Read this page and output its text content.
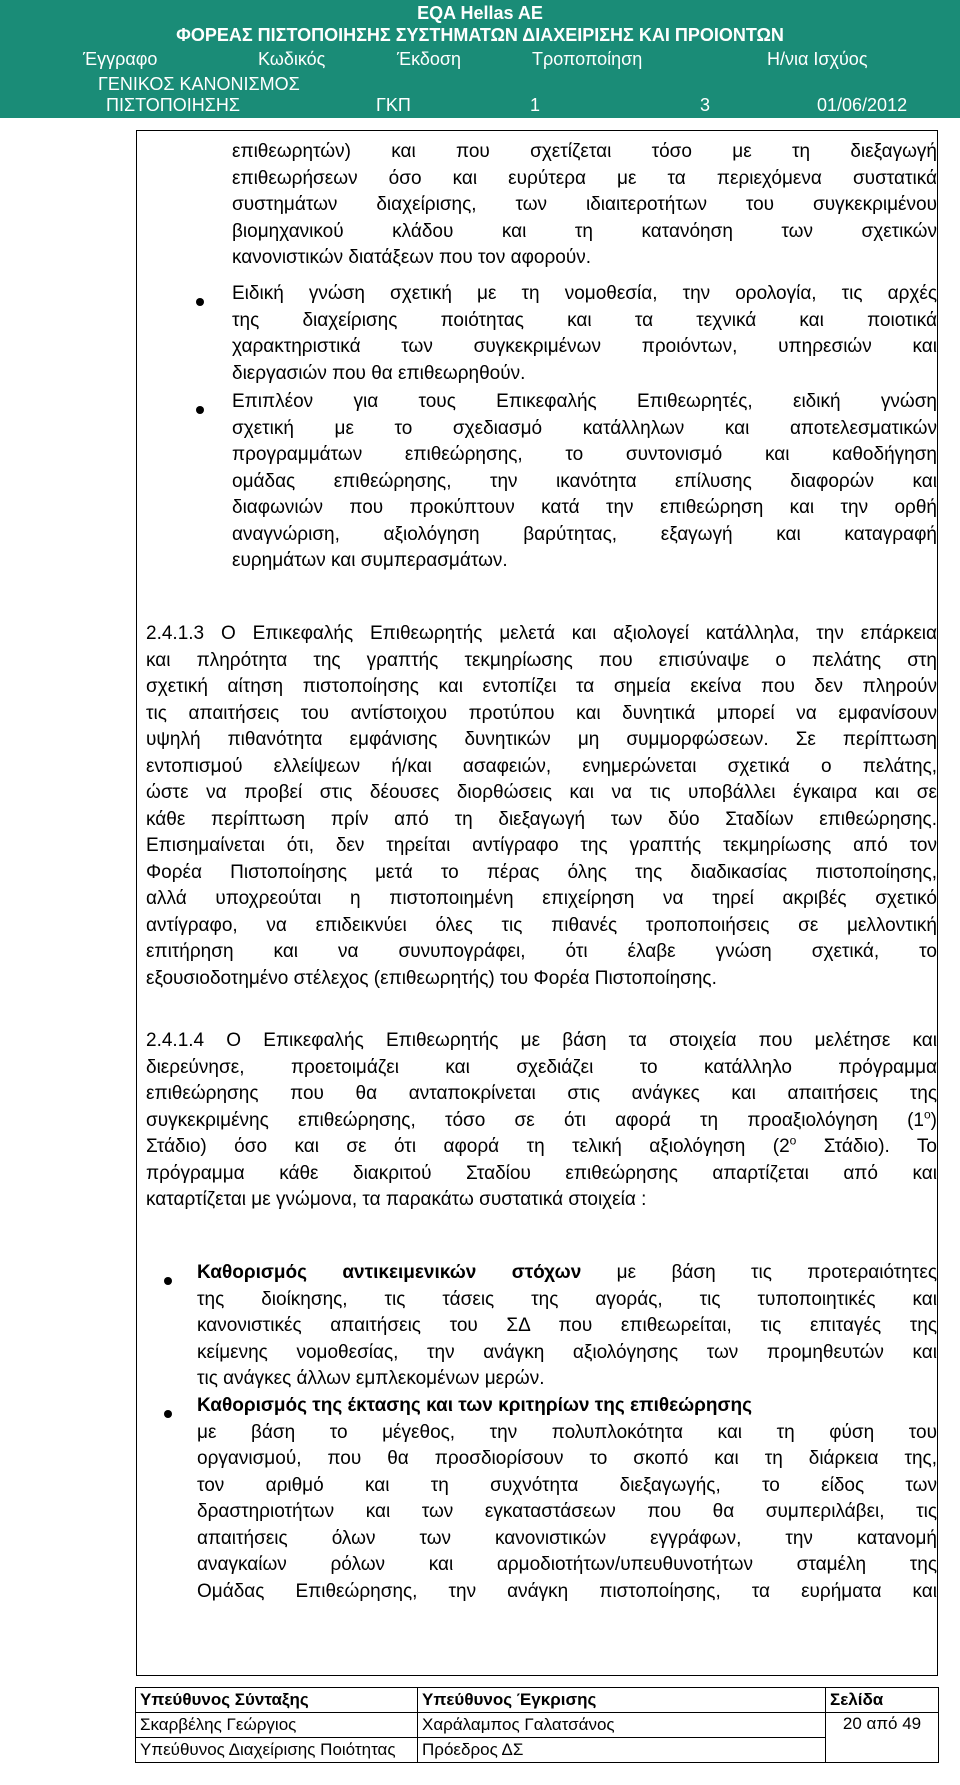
EQA Hellas AE
ΦΟΡΕΑΣ ΠΙΣΤΟΠΟΙΗΣΗΣ ΣΥΣΤΗΜΑΤΩΝ ΔΙΑΧΕΙΡΙΣΗΣ ΚΑΙ ΠΡΟΙΟΝΤΩΝ
Έγγραφο	Κωδικός	Έκδοση	Τροποποίηση	Η/νια Ισχύος
ΓΕΝΙΚΟΣ ΚΑΝΟΝΙΣΜΟΣ
ΠΙΣΤΟΠΟΙΗΣΗΣ	ΓΚΠ	1	3	01/06/2012
επιθεωρητών) και που σχετίζεται τόσο με τη διεξαγωγή
επιθεωρήσεων όσο και ευρύτερα με τα περιεχόμενα συστατικά
συστημάτων διαχείρισης, των ιδιαιτεροτήτων του συγκεκριμένου
βιομηχανικού κλάδου και τη κατανόηση των σχετικών
κανονιστικών διατάξεων που τον αφορούν.
Ειδική γνώση σχετική με τη νομοθεσία, την ορολογία, τις αρχές
της διαχείρισης ποιότητας και τα τεχνικά και ποιοτικά
χαρακτηριστικά των συγκεκριμένων προιόντων, υπηρεσιών και
διεργασιών που θα επιθεωρηθούν.
Επιπλέον για τους Επικεφαλής Επιθεωρητές, ειδική γνώση
σχετική με το σχεδιασμό κατάλληλων και αποτελεσματικών
προγραμμάτων επιθεώρησης, το συντονισμό και καθοδήγηση
ομάδας επιθεώρησης, την ικανότητα επίλυσης διαφορών και
διαφωνιών που προκύπτουν κατά την επιθεώρηση και την ορθή
αναγνώριση, αξιολόγηση βαρύτητας, εξαγωγή και καταγραφή
ευρημάτων και συμπερασμάτων.
2.4.1.3 Ο Επικεφαλής Επιθεωρητής μελετά και αξιολογεί κατάλληλα, την επάρκεια
και πληρότητα της γραπτής τεκμηρίωσης που επισύναψε ο πελάτης στη
σχετική αίτηση πιστοποίησης και εντοπίζει τα σημεία εκείνα που δεν πληρούν
τις απαιτήσεις του αντίστοιχου προτύπου και δυνητικά μπορεί να εμφανίσουν
υψηλή πιθανότητα εμφάνισης δυνητικών μη συμμορφώσεων. Σε περίπτωση
εντοπισμού ελλείψεων ή/και ασαφειών, ενημερώνεται σχετικά ο πελάτης,
ώστε να προβεί στις δέουσες διορθώσεις και να τις υποβάλλει έγκαιρα και σε
κάθε περίπτωση πρίν από τη διεξαγωγή των δύο Σταδίων επιθεώρησης.
Επισημαίνεται ότι, δεν τηρείται αντίγραφο της γραπτής τεκμηρίωσης από τον
Φορέα Πιστοποίησης μετά το πέρας όλης της διαδικασίας πιστοποίησης,
αλλά υποχρεούται η πιστοποιημένη επιχείρηση να τηρεί ακριβές σχετικό
αντίγραφο, να επιδεικνύει όλες τις πιθανές τροποποιήσεις σε μελλοντική
επιτήρηση και να συνυπογράφει, ότι έλαβε γνώση σχετικά, το
εξουσιοδοτημένο στέλεχος (επιθεωρητής) του Φορέα Πιστοποίησης.
2.4.1.4 Ο Επικεφαλής Επιθεωρητής με βάση τα στοιχεία που μελέτησε και
διερεύνησε, προετοιμάζει και σχεδιάζει το κατάλληλο πρόγραμμα
επιθεώρησης που θα ανταποκρίνεται στις ανάγκες και απαιτήσεις της
συγκεκριμένης επιθεώρησης, τόσο σε ότι αφορά τη προαξιολόγηση $(1^o)$
Στάδιο) όσο και σε ότι αφορά τη τελική αξιολόγηση ($2^o$ Στάδιο). Το
πρόγραμμα κάθε διακριτού Σταδίου επιθεώρησης απαρτίζεται από και
καταρτίζεται με γνώμονα, τα παρακάτω συστατικά στοιχεία :
Καθορισμός αντικειμενικών στόχων με βάση τις προτεραιότητες
της διοίκησης, τις τάσεις της αγοράς, τις τυποποιητικές και
κανονιστικές απαιτήσεις του ΣΔ που επιθεωρείται, τις επιταγές της
κείμενης νομοθεσίας, την ανάγκη αξιολόγησης των προμηθευτών και
τις ανάγκες άλλων εμπλεκομένων μερών.
Καθορισμός της έκτασης και των κριτηρίων της επιθεώρησης
με βάση το μέγεθος, την πολυπλοκότητα και τη φύση του
οργανισμού, που θα προσδιορίσουν το σκοπό και τη διάρκεια της,
τον αριθμό και τη συχνότητα διεξαγωγής, το είδος των
δραστηριοτήτων και των εγκαταστάσεων που θα συμπεριλάβει, τις
απαιτήσεις όλων των κανονιστικών εγγράφων, την κατανομή
αναγκαίων ρόλων και αρμοδιοτήτων/υπευθυνοτήτων σταμέλη της
Ομάδας Επιθεώρησης, την ανάγκη πιστοποίησης, τα ευρήματα και
Υπεύθυνος Σύνταξης	Υπεύθυνος Έγκρισης	Σελίδα
Σκαρβέλης Γεώργιος	Χαράλαμπος Γαλατσάνος	20 από 49
Υπεύθυνος Διαχείρισης Ποιότητας	Πρόεδρος ΔΣ	
